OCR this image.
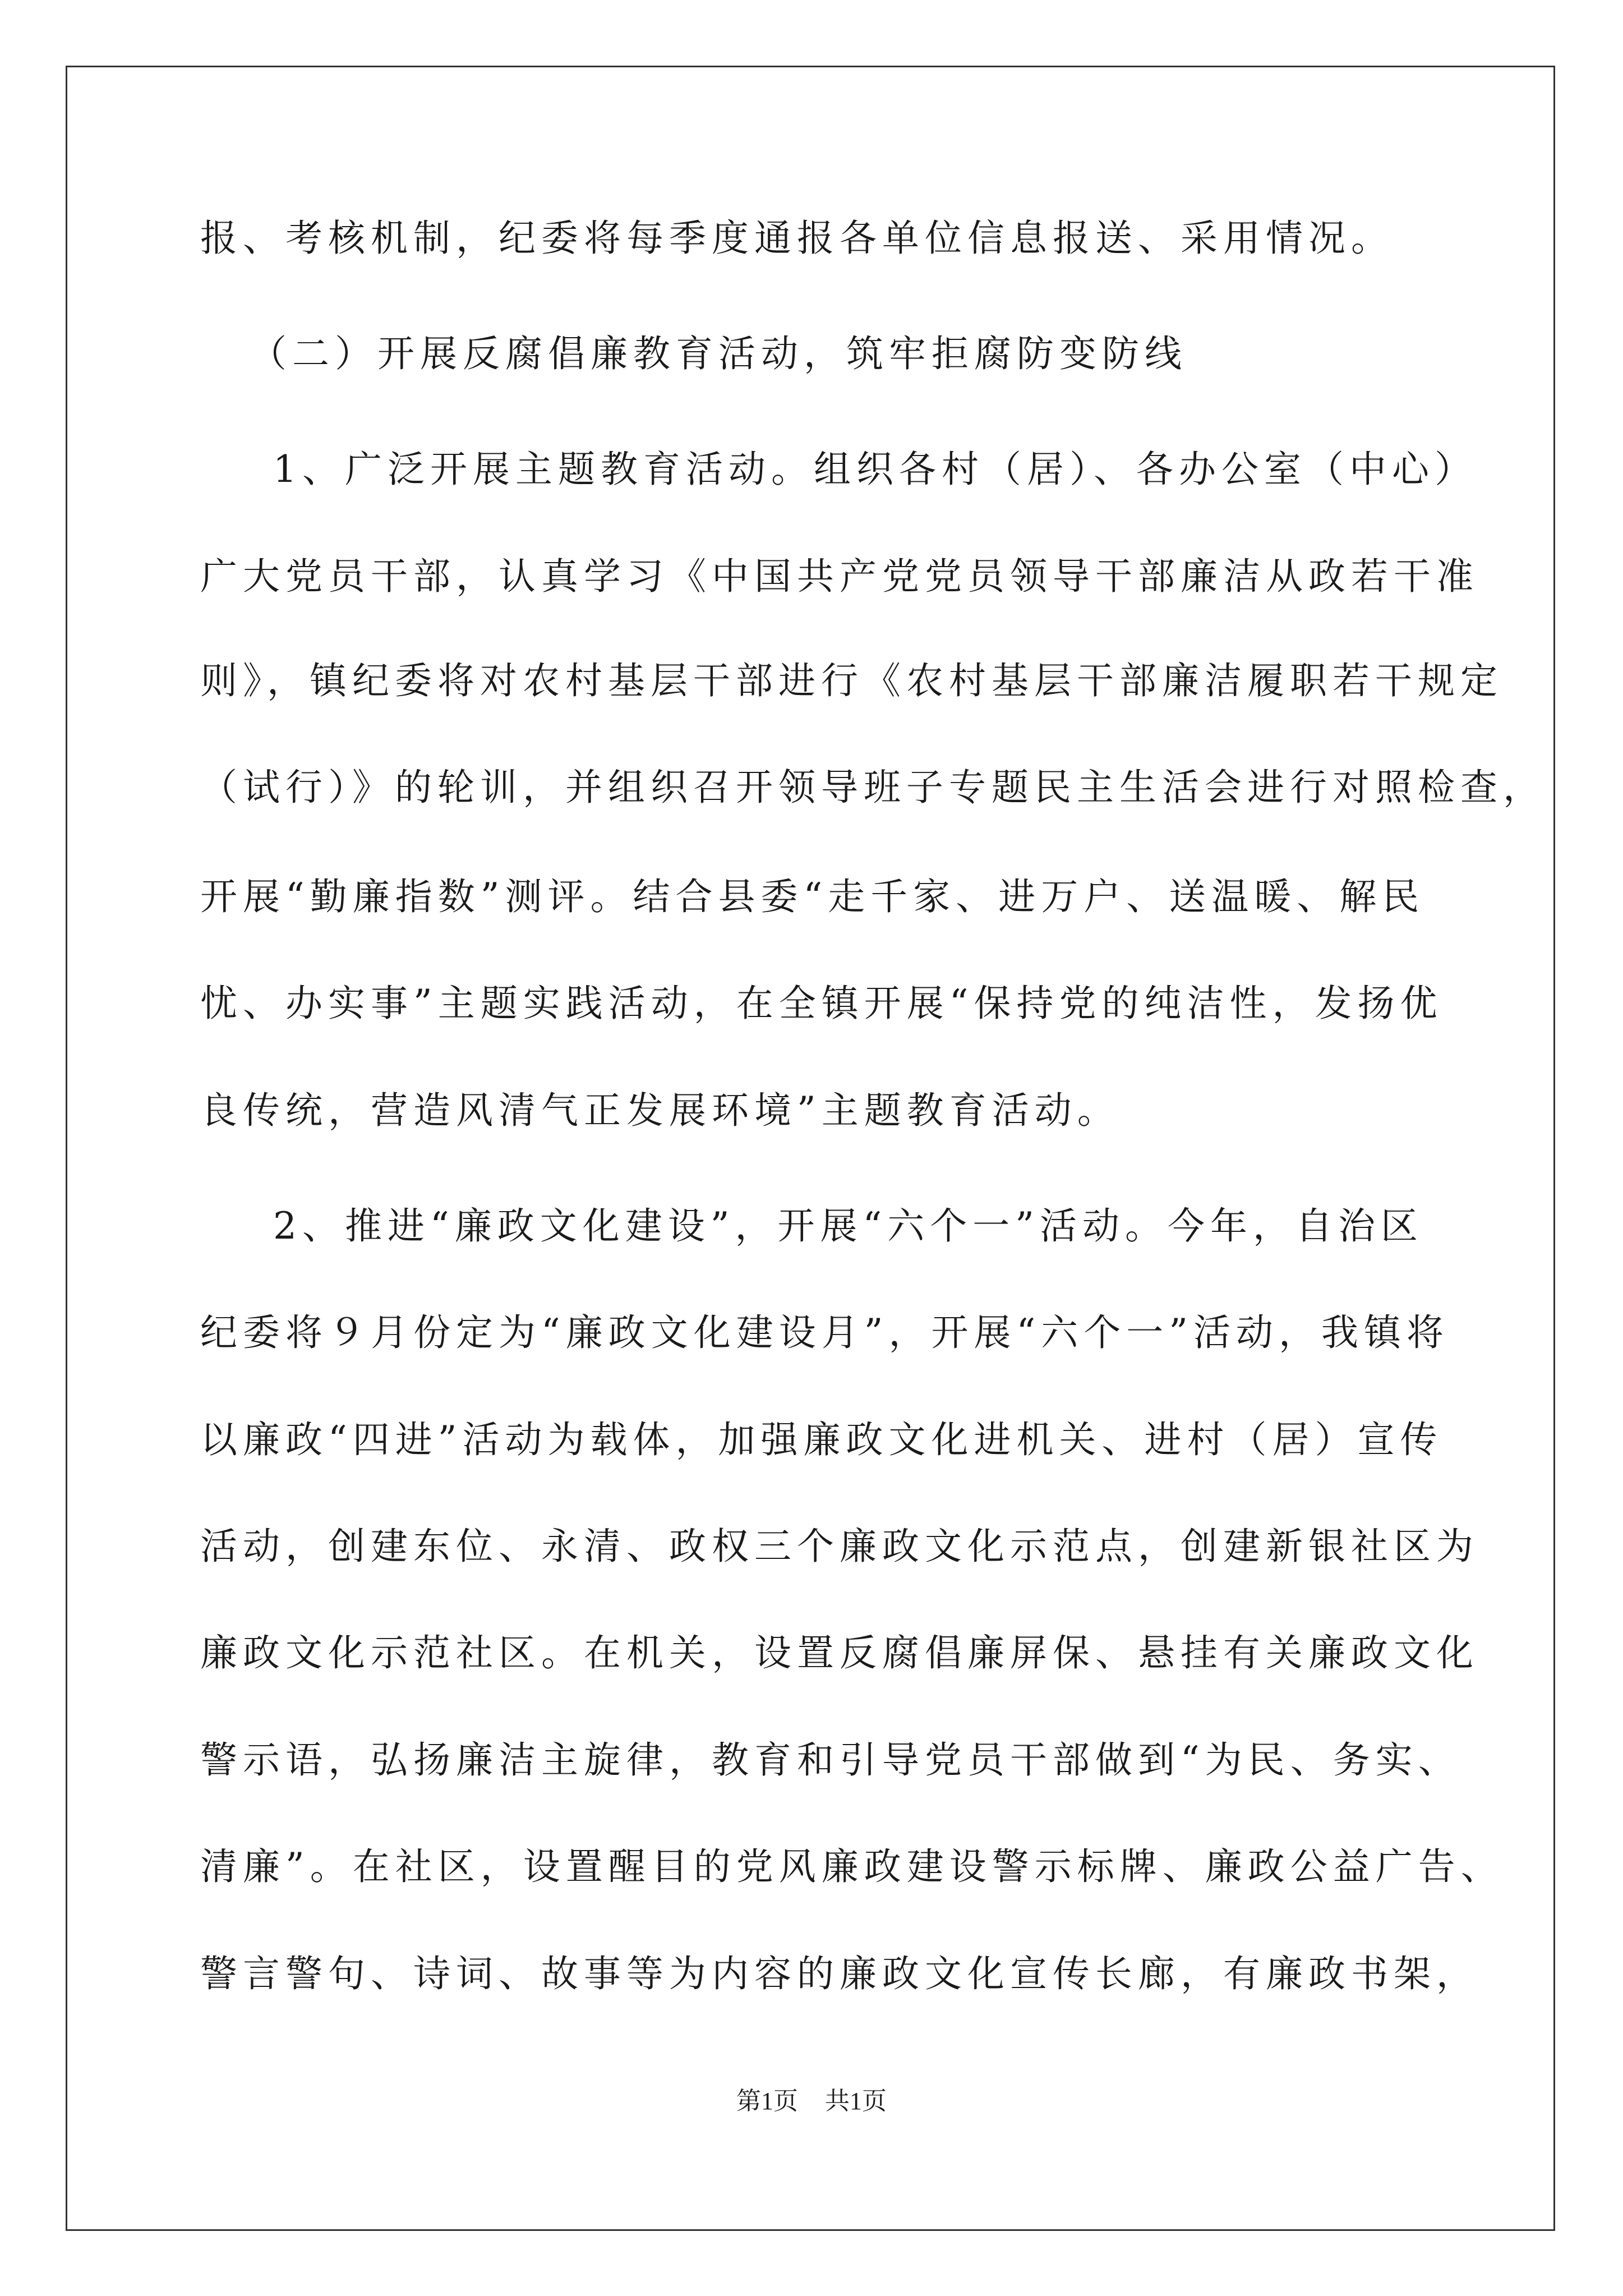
报、考核机制，纪委将每季度通报各单位信息报送、采用情况。
（二）开展反腐倡廉教育活动，筑牢拒腐防变防线
1、广泛开展主题教育活动。组织各村（居）、各办公室（中心）
广大党员干部，认真学习《中国共产党党员领导干部廉洁从政若干准
则》，镇纪委将对农村基层干部进行《农村基层干部廉洁履职若干规定
（试行）》的轮训，并组织召开领导班子专题民主生活会进行对照检查，
开展“勤廉指数”测评。结合县委“走千家、进万户、送温暖、解民
忧、办实事”主题实践活动，在全镇开展“保持党的纯洁性，发扬优
良传统，营造风清气正发展环境”主题教育活动。
2、推进“廉政文化建设”，开展“六个一”活动。今年，自治区
纪委将９月份定为“廉政文化建设月”，开展“六个一”活动，我镇将
以廉政“四进”活动为载体，加强廉政文化进机关、进村（居）宣传
活动，创建东位、永清、政权三个廉政文化示范点，创建新银社区为
廉政文化示范社区。在机关，设置反腐倡廉屏保、悬挂有关廉政文化
警示语，弘扬廉洁主旋律，教育和引导党员干部做到“为民、务实、
清廉”。在社区，设置醒目的党风廉政建设警示标牌、廉政公益广告、
警言警句、诗词、故事等为内容的廉政文化宣传长廊，有廉政书架，
第1页 共1页
